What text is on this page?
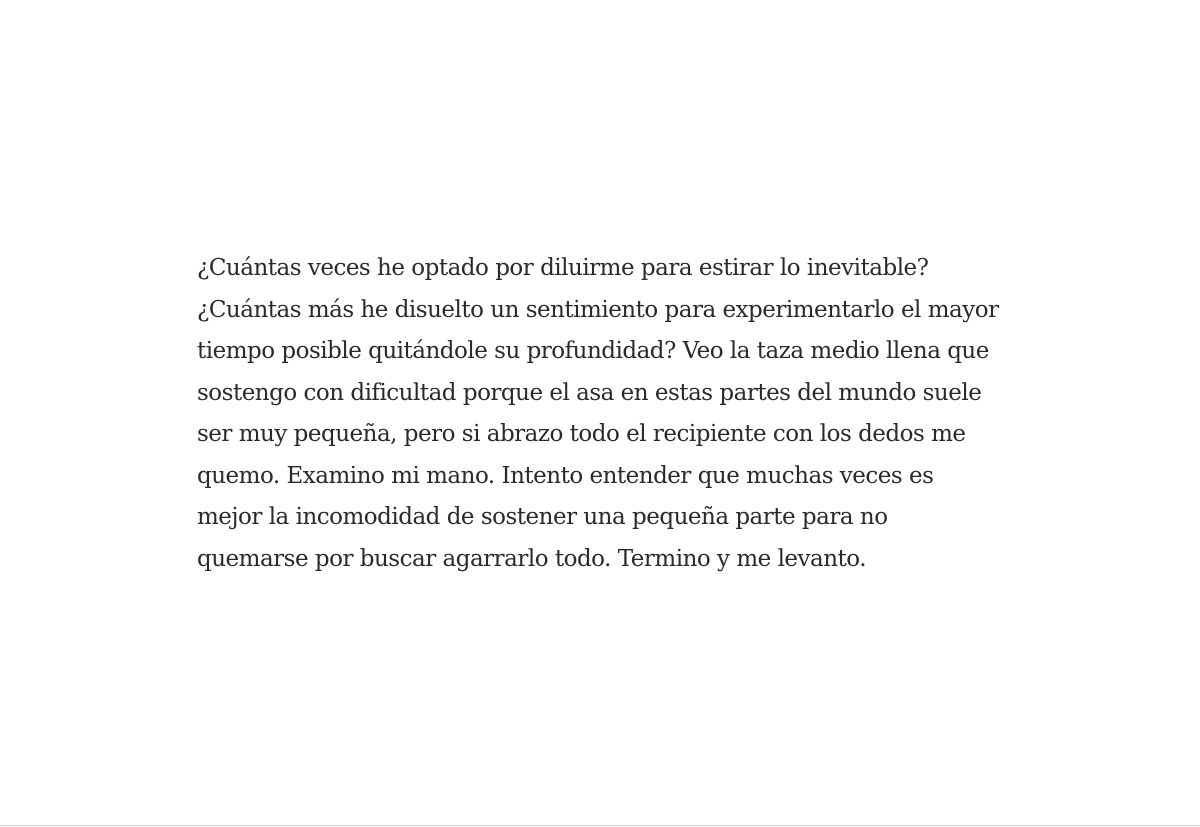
¿Cuántas veces he optado por diluirme para estirar lo inevitable?
¿Cuántas más he disuelto un sentimiento para experimentarlo el mayor
tiempo posible quitándole su profundidad? Veo la taza medio llena que
sostengo con dificultad porque el asa en estas partes del mundo suele
ser muy pequeña, pero si abrazo todo el recipiente con los dedos me
quemo. Examino mi mano. Intento entender que muchas veces es
mejor la incomodidad de sostener una pequeña parte para no
quemarse por buscar agarrarlo todo. Termino y me levanto.
